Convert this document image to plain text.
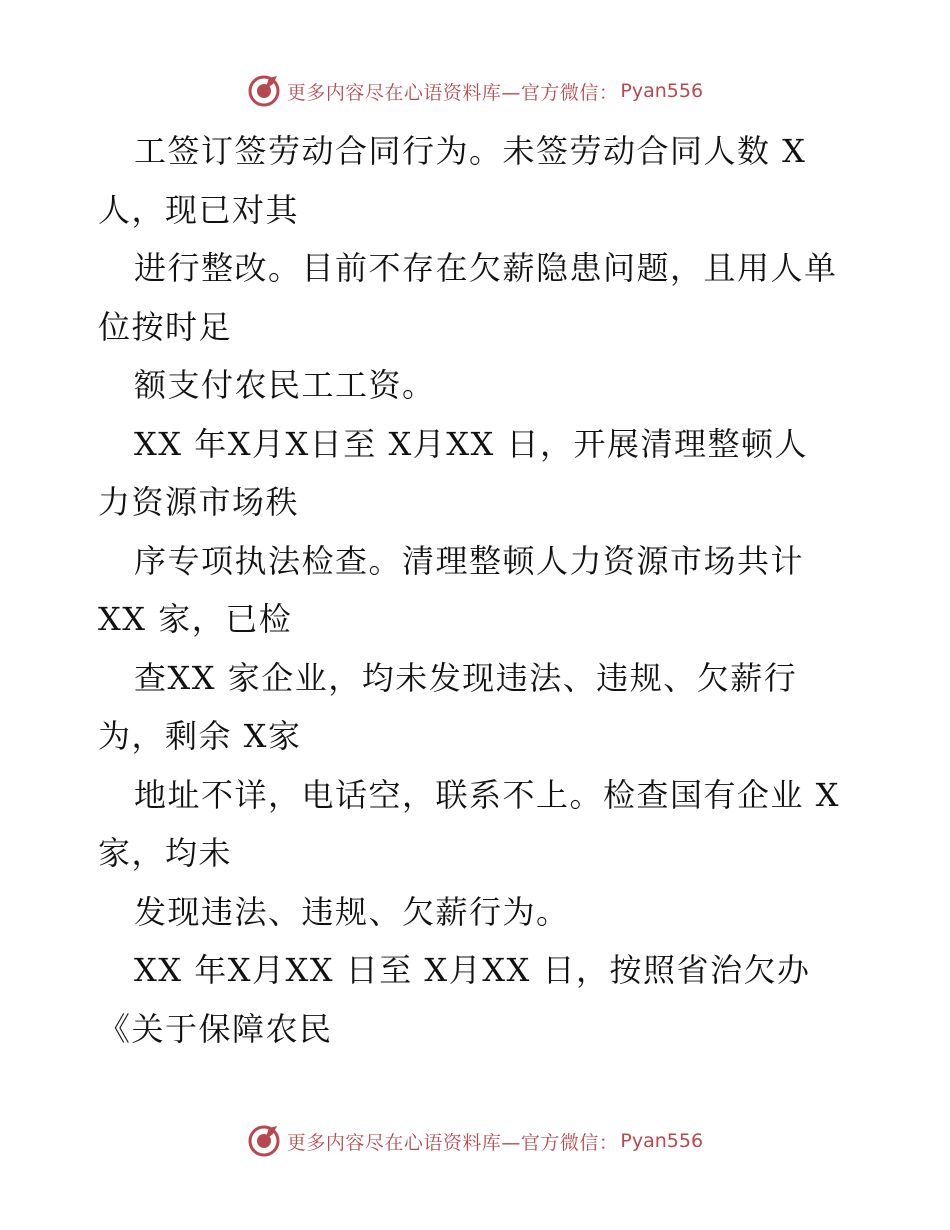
更多内容尽在心语资料库—官方微信： Pyan556
工签订签劳动合同行为。未签劳动合同人数 X
人，现已对其
进行整改。目前不存在欠薪隐患问题，且用人单
位按时足
额支付农民工工资。
XX 年X月X日至 X月XX 日，开展清理整顿人
力资源市场秩
序专项执法检查。清理整顿人力资源市场共计
XX 家，已检
查XX 家企业，均未发现违法、违规、欠薪行
为，剩余 X家
地址不详，电话空，联系不上。检查国有企业 X
家，均未
发现违法、违规、欠薪行为。
XX 年X月XX 日至 X月XX 日，按照省治欠办
《关于保障农民
更多内容尽在心语资料库—官方微信： Pyan556
